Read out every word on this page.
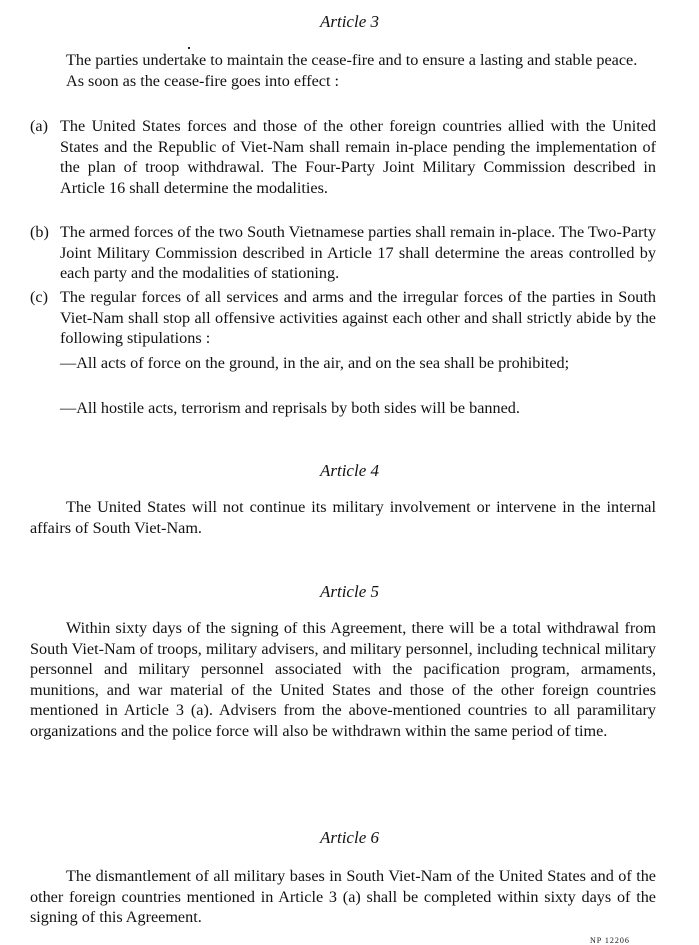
Article 3

The parties undertake to maintain the cease-fire and to ensure a lasting and stable peace.

As soon as the cease-fire goes into effect :

(a) The United States forces and those of the other foreign countries allied with the United States and the Republic of Viet-Nam shall remain in-place pending the implementation of the plan of troop withdrawal. The Four-Party Joint Military Commission described in Article 16 shall determine the modalities.

(b) The armed forces of the two South Vietnamese parties shall remain in-place. The Two-Party Joint Military Commission described in Article 17 shall determine the areas controlled by each party and the modalities of stationing.

(c) The regular forces of all services and arms and the irregular forces of the parties in South Viet-Nam shall stop all offensive activities against each other and shall strictly abide by the following stipulations :

—All acts of force on the ground, in the air, and on the sea shall be prohibited;

—All hostile acts, terrorism and reprisals by both sides will be banned.

Article 4

The United States will not continue its military involvement or intervene in the internal affairs of South Viet-Nam.

Article 5

Within sixty days of the signing of this Agreement, there will be a total withdrawal from South Viet-Nam of troops, military advisers, and military personnel, including technical military personnel and military personnel associated with the pacification program, armaments, munitions, and war material of the United States and those of the other foreign countries mentioned in Article 3 (a). Advisers from the above-mentioned countries to all paramilitary organizations and the police force will also be withdrawn within the same period of time.

Article 6

The dismantlement of all military bases in South Viet-Nam of the United States and of the other foreign countries mentioned in Article 3 (a) shall be completed within sixty days of the signing of this Agreement.

NP 12206
